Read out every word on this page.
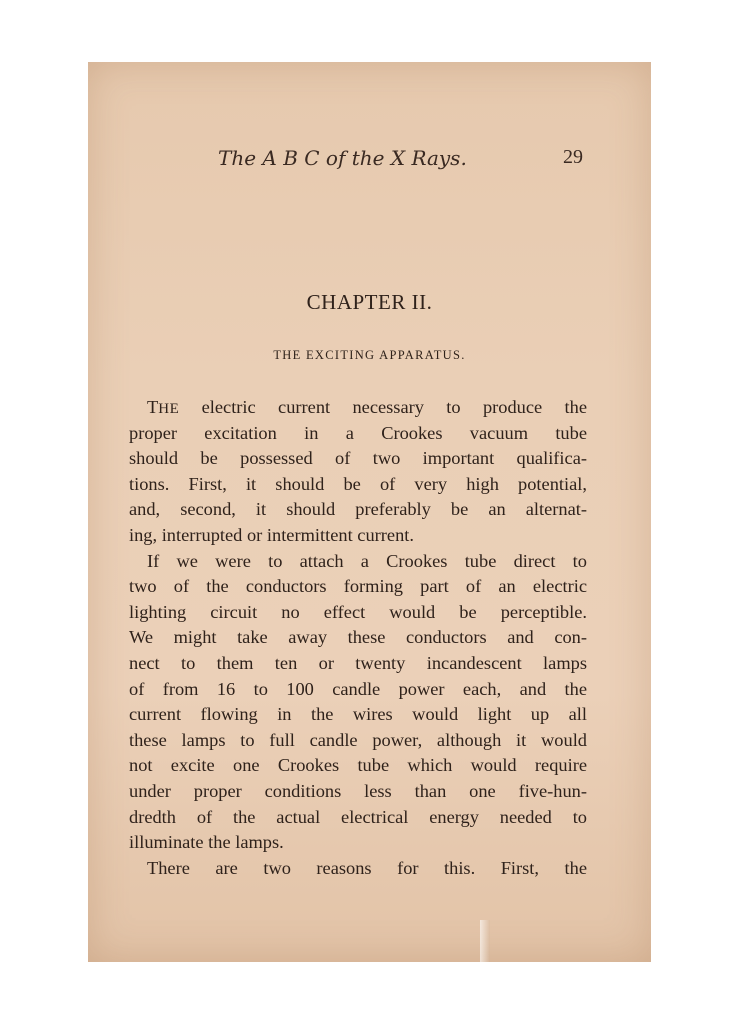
The A B C of the X Rays.	29
CHAPTER II.
THE EXCITING APPARATUS.
THE electric current necessary to produce the
proper excitation in a Crookes vacuum tube
should be possessed of two important qualifica-
tions. First, it should be of very high potential,
and, second, it should preferably be an alternat-
ing, interrupted or intermittent current.
If we were to attach a Crookes tube direct to
two of the conductors forming part of an electric
lighting circuit no effect would be perceptible.
We might take away these conductors and con-
nect to them ten or twenty incandescent lamps
of from 16 to 100 candle power each, and the
current flowing in the wires would light up all
these lamps to full candle power, although it would
not excite one Crookes tube which would require
under proper conditions less than one five-hun-
dredth of the actual electrical energy needed to
illuminate the lamps.
There are two reasons for this. First, the
